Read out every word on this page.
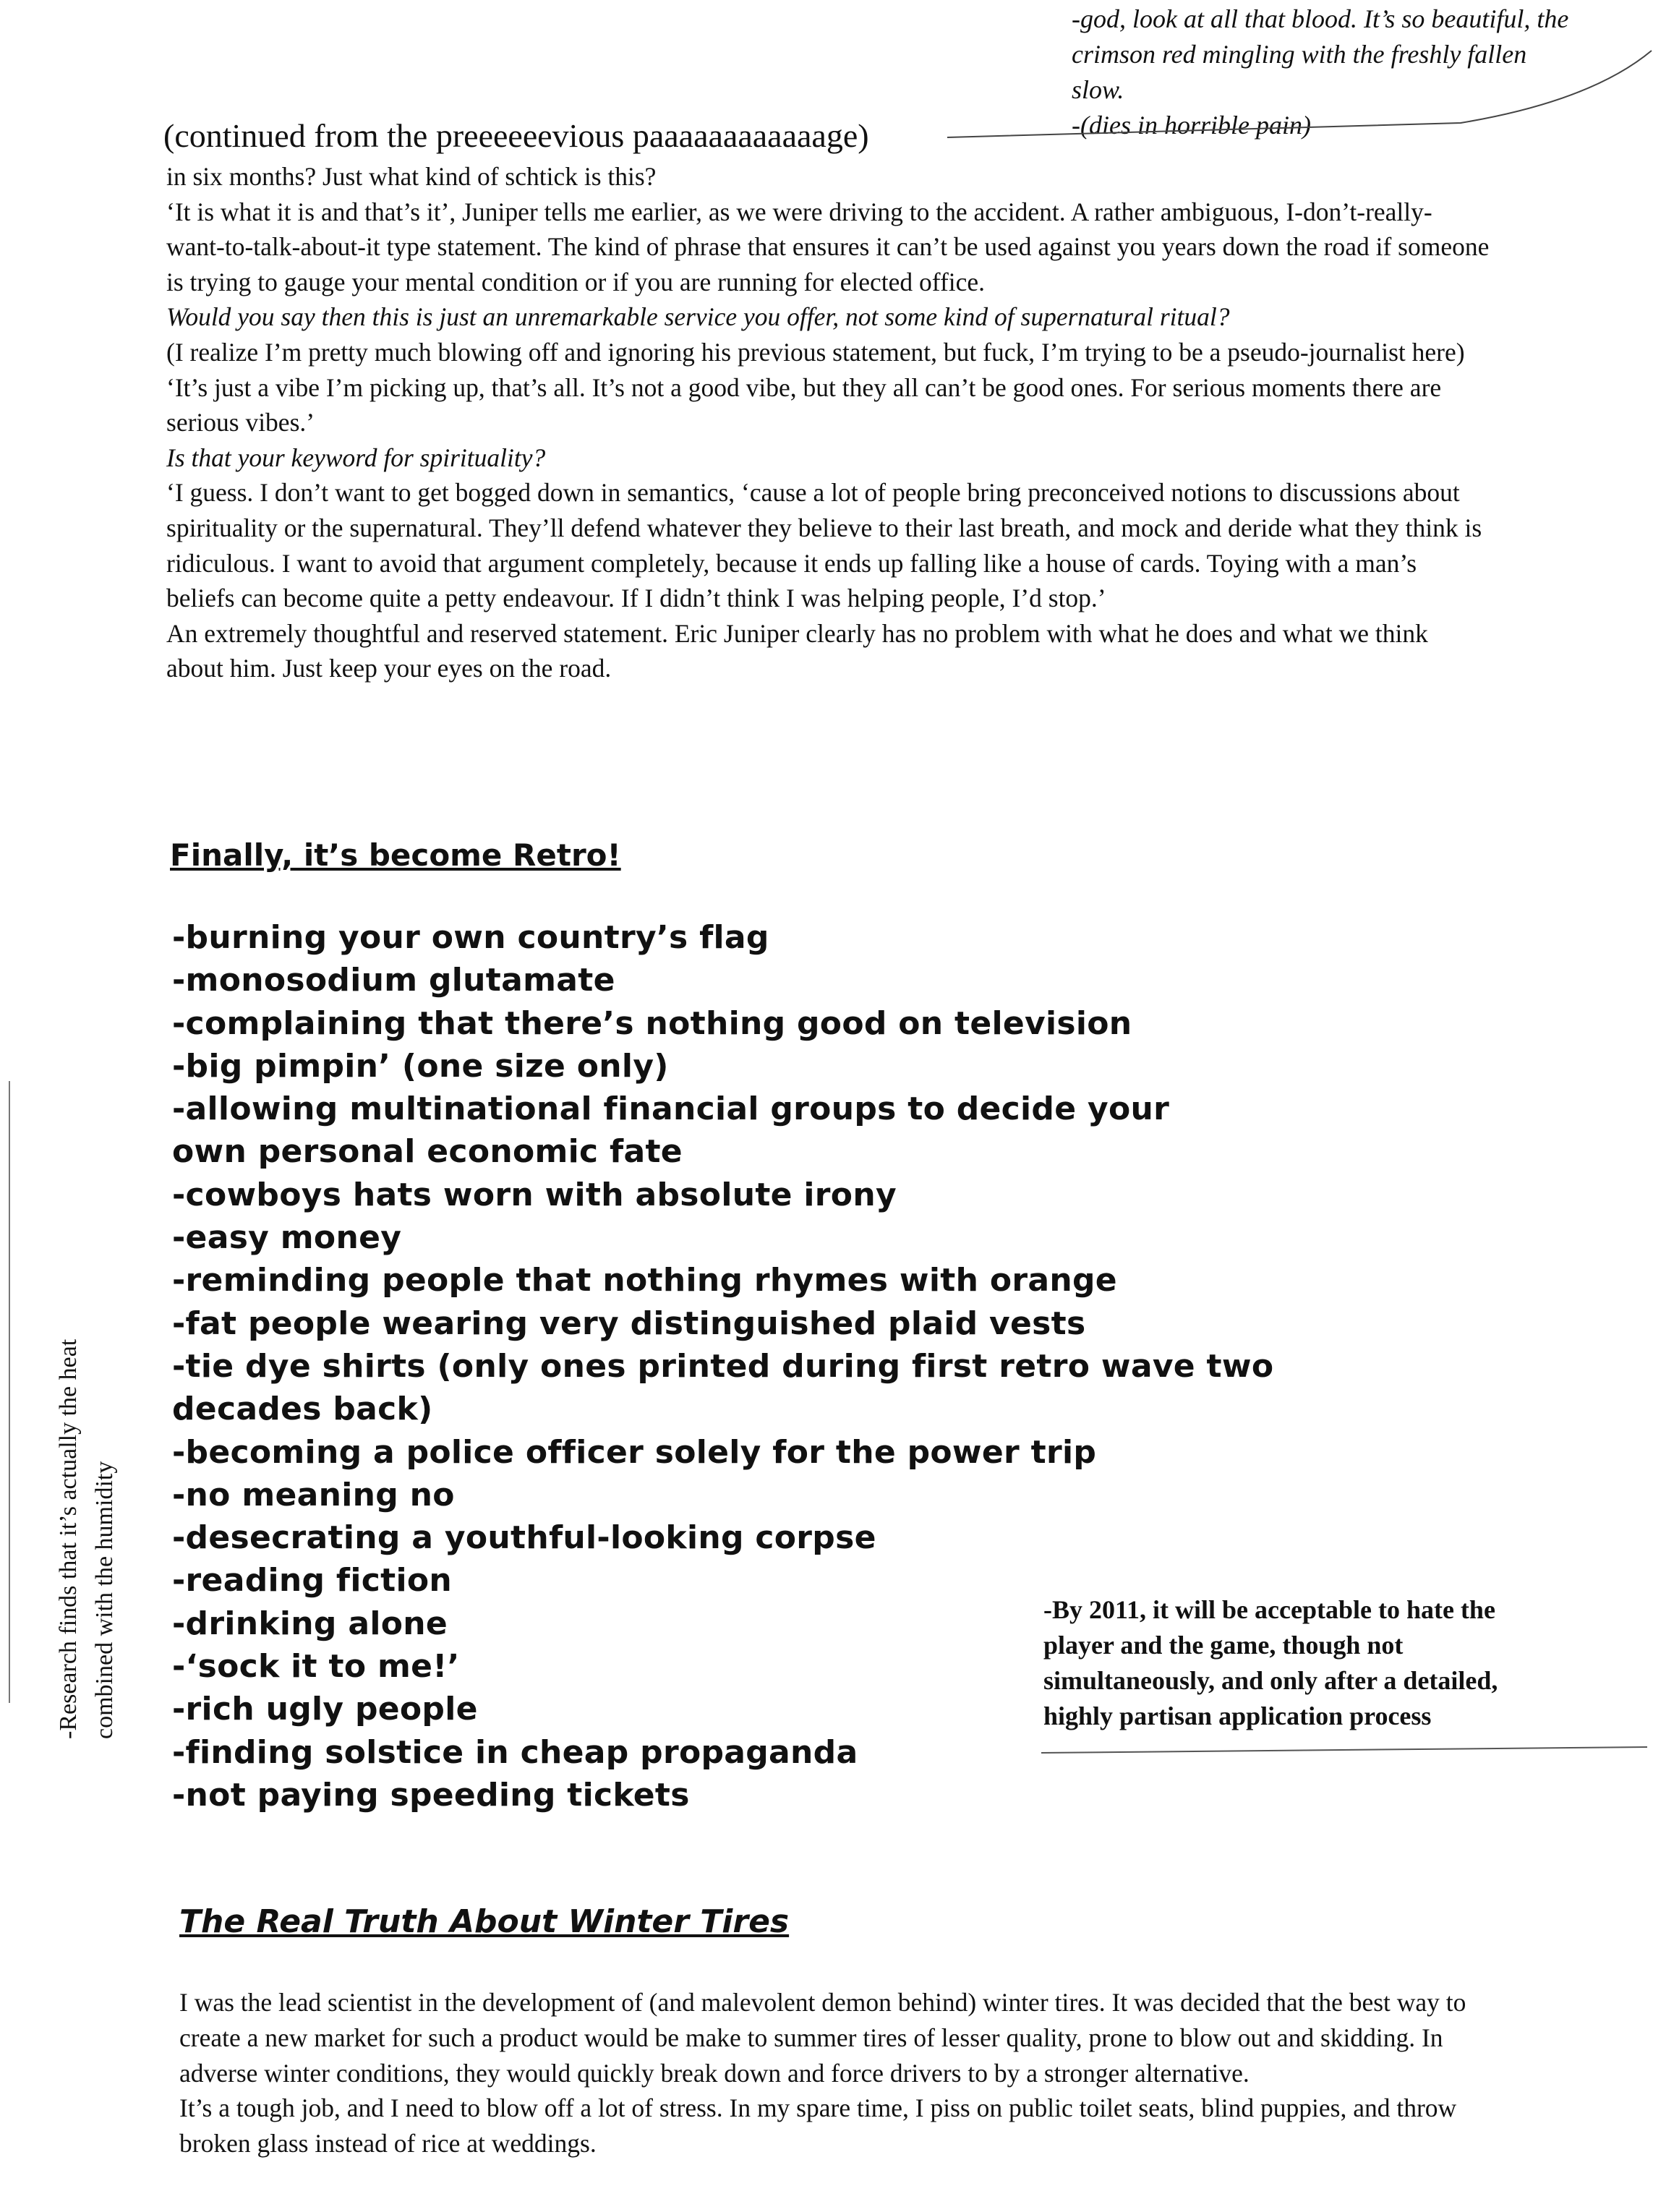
-god, look at all that blood. It’s so beautiful, the

crimson red mingling with the freshly fallen

slow.

-(dies in horrible pain)

(continued from the preeeeeevious paaaaaaaaaaaage)

in six months? Just what kind of schtick is this?

‘It is what it is and that’s it’, Juniper tells me earlier, as we were driving to the accident. A rather ambiguous, I-don’t-really-want-to-talk-about-it type statement. The kind of phrase that ensures it can’t be used against you years down the road if someone is trying to gauge your mental condition or if you are running for elected office.

Would you say then this is just an unremarkable service you offer, not some kind of supernatural ritual?

(I realize I’m pretty much blowing off and ignoring his previous statement, but fuck, I’m trying to be a pseudo-journalist here)

‘It’s just a vibe I’m picking up, that’s all. It’s not a good vibe, but they all can’t be good ones. For serious moments there are serious vibes.’

Is that your keyword for spirituality?

‘I guess. I don’t want to get bogged down in semantics, ‘cause a lot of people bring preconceived notions to discussions about spirituality or the supernatural. They’ll defend whatever they believe to their last breath, and mock and deride what they think is ridiculous. I want to avoid that argument completely, because it ends up falling like a house of cards. Toying with a man’s beliefs can become quite a petty endeavour. If I didn’t think I was helping people, I’d stop.’

An extremely thoughtful and reserved statement. Eric Juniper clearly has no problem with what he does and what we think about him. Just keep your eyes on the road.

Finally, it’s become Retro!
-burning your own country’s flag
-monosodium glutamate
-complaining that there’s nothing good on television
-big pimpin’ (one size only)
-allowing multinational financial groups to decide your
own personal economic fate
-cowboys hats worn with absolute irony
-easy money
-reminding people that nothing rhymes with orange
-fat people wearing very distinguished plaid vests
-tie dye shirts (only ones printed during first retro wave two
decades back)
-becoming a police officer solely for the power trip
-no meaning no
-desecrating a youthful-looking corpse
-reading fiction
-drinking alone
-‘sock it to me!’
-rich ugly people
-finding solstice in cheap propaganda
-not paying speeding tickets

-Research finds that it’s actually the heat combined with the humidity	-By 2011, it will be acceptable to hate the

player and the game, though not

simultaneously, and only after a detailed,

highly partisan application process

The Real Truth About Winter Tires

I was the lead scientist in the development of (and malevolent demon behind) winter tires. It was decided that the best way to create a new market for such a product would be make to summer tires of lesser quality, prone to blow out and skidding. In adverse winter conditions, they would quickly break down and force drivers to by a stronger alternative.

It’s a tough job, and I need to blow off a lot of stress. In my spare time, I piss on public toilet seats, blind puppies, and throw broken glass instead of rice at weddings.
